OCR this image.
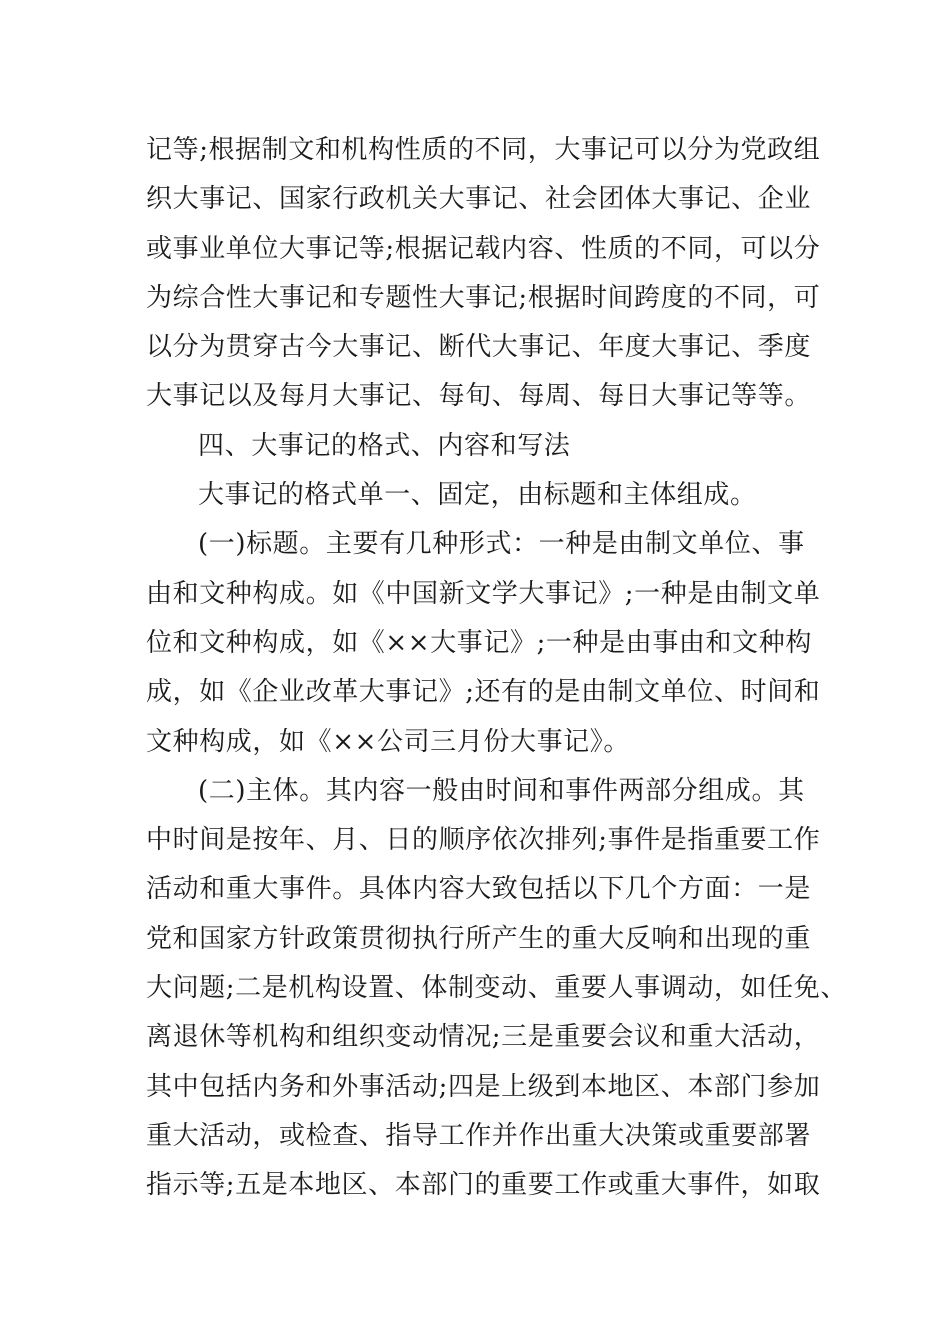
记等;根据制文和机构性质的不同，大事记可以分为党政组
织大事记、国家行政机关大事记、社会团体大事记、企业
或事业单位大事记等;根据记载内容、性质的不同，可以分
为综合性大事记和专题性大事记;根据时间跨度的不同，可
以分为贯穿古今大事记、断代大事记、年度大事记、季度
大事记以及每月大事记、每旬、每周、每日大事记等等。
四、大事记的格式、内容和写法
大事记的格式单一、固定，由标题和主体组成。
(一)标题。主要有几种形式：一种是由制文单位、事
由和文种构成。如《中国新文学大事记》;一种是由制文单
位和文种构成，如《××大事记》;一种是由事由和文种构
成，如《企业改革大事记》;还有的是由制文单位、时间和
文种构成，如《××公司三月份大事记》。
(二)主体。其内容一般由时间和事件两部分组成。其
中时间是按年、月、日的顺序依次排列;事件是指重要工作
活动和重大事件。具体内容大致包括以下几个方面：一是
党和国家方针政策贯彻执行所产生的重大反响和出现的重
大问题;二是机构设置、体制变动、重要人事调动，如任免、
离退休等机构和组织变动情况;三是重要会议和重大活动，
其中包括内务和外事活动;四是上级到本地区、本部门参加
重大活动，或检查、指导工作并作出重大决策或重要部署
指示等;五是本地区、本部门的重要工作或重大事件，如取
